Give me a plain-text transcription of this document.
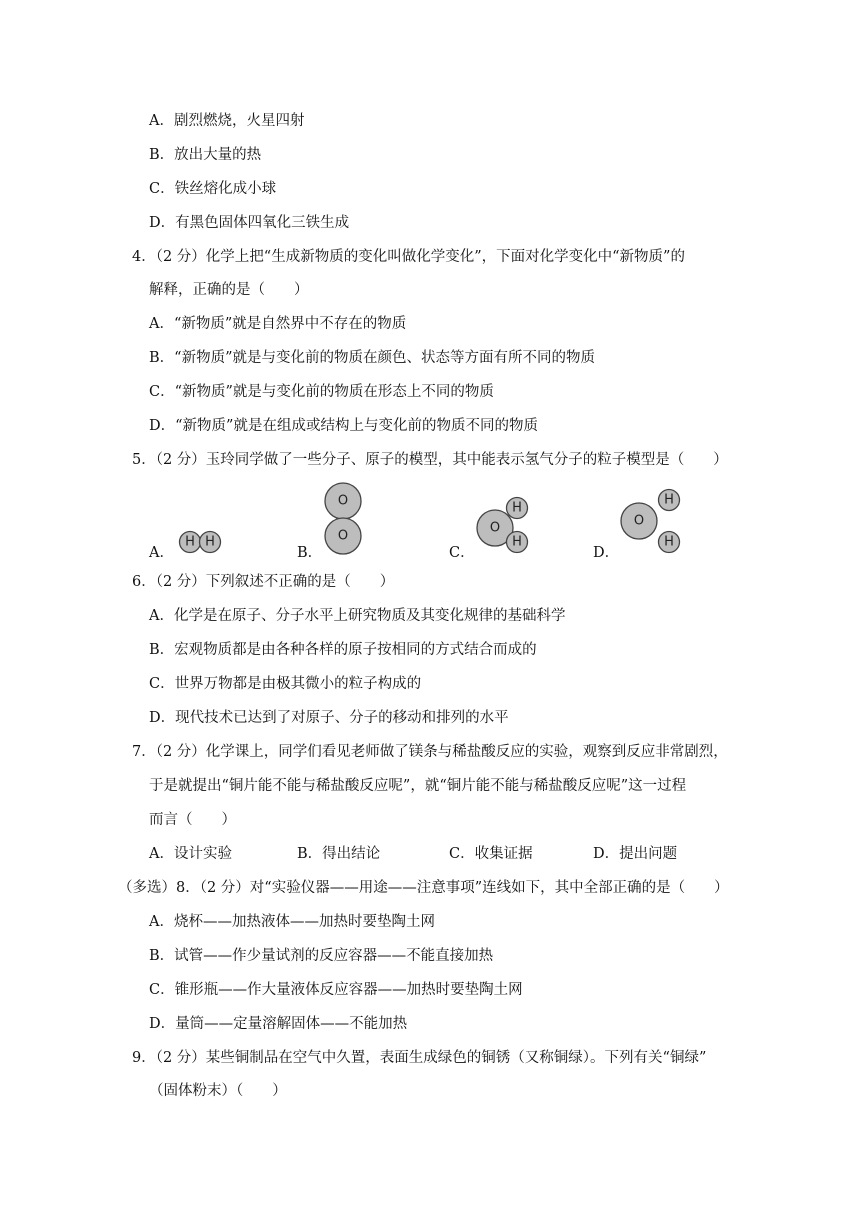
A．剧烈燃烧，火星四射
B．放出大量的热
C．铁丝熔化成小球
D．有黑色固体四氧化三铁生成
4．（2 分）化学上把“生成新物质的变化叫做化学变化”，下面对化学变化中“新物质”的
解释，正确的是（　　）
A．“新物质”就是自然界中不存在的物质
B．“新物质”就是与变化前的物质在颜色、状态等方面有所不同的物质
C．“新物质”就是与变化前的物质在形态上不同的物质
D．“新物质”就是在组成或结构上与变化前的物质不同的物质
5．（2 分）玉玲同学做了一些分子、原子的模型，其中能表示氢气分子的粒子模型是（　　）
A．
H H
B．
O
O
C．
O
H
H
D．
O
H
H
6．（2 分）下列叙述不正确的是（　　）
A．化学是在原子、分子水平上研究物质及其变化规律的基础科学
B．宏观物质都是由各种各样的原子按相同的方式结合而成的
C．世界万物都是由极其微小的粒子构成的
D．现代技术已达到了对原子、分子的移动和排列的水平
7．（2 分）化学课上，同学们看见老师做了镁条与稀盐酸反应的实验，观察到反应非常剧烈，
于是就提出“铜片能不能与稀盐酸反应呢”，就“铜片能不能与稀盐酸反应呢”这一过程
而言（　　）
A．设计实验	B．得出结论	C．收集证据	D．提出问题
（多选）8．（2 分）对“实验仪器——用途——注意事项”连线如下，其中全部正确的是（　　）
A．烧杯——加热液体——加热时要垫陶土网
B．试管——作少量试剂的反应容器——不能直接加热
C．锥形瓶——作大量液体反应容器——加热时要垫陶土网
D．量筒——定量溶解固体——不能加热
9．（2 分）某些铜制品在空气中久置，表面生成绿色的铜锈（又称铜绿）。下列有关“铜绿”
（固体粉末）（　　）
